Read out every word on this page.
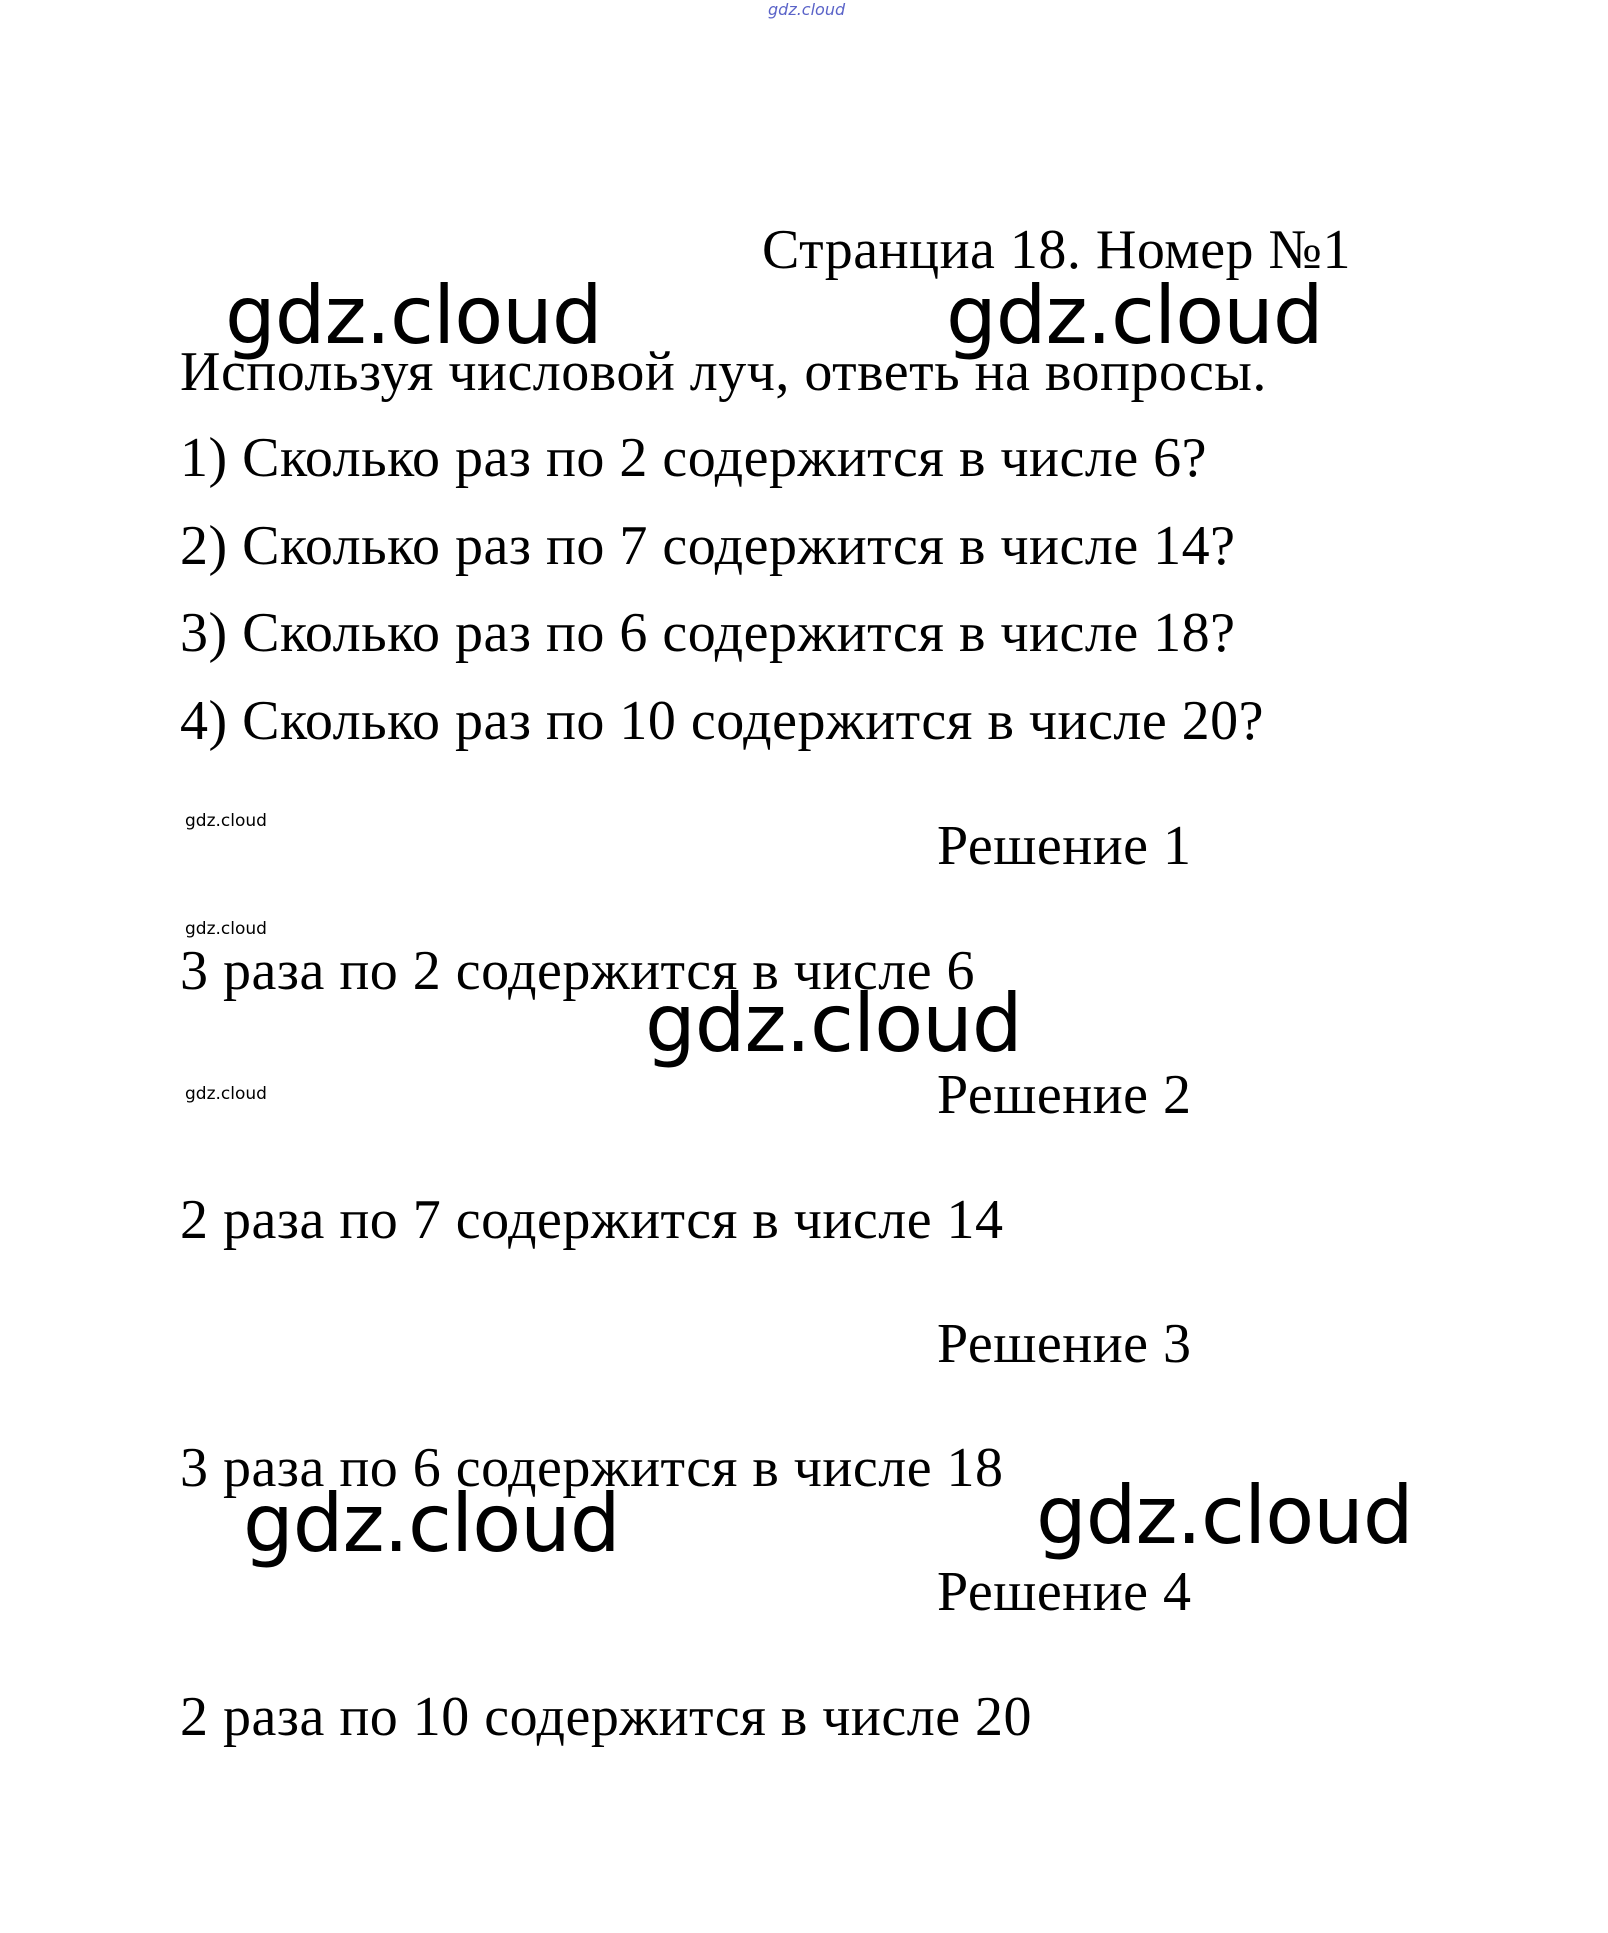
gdz.cloud

Странциа 18. Номер №1

Используя числовой луч, ответь на вопросы.

1) Сколько раз по 2 содержится в числе 6?

2) Сколько раз по 7 содержится в числе 14?

3) Сколько раз по 6 содержится в числе 18?

4) Сколько раз по 10 содержится в числе 20?

Решение 1

3 раза по 2 содержится в числе 6

Решение 2

2 раза по 7 содержится в числе 14

Решение 3

3 раза по 6 содержится в числе 18

Решение 4

2 раза по 10 содержится в числе 20

gdz.cloud	gdz.cloud
gdz.cloud
gdz.cloud	gdz.cloud
gdz.cloud
gdz.cloud
gdz.cloud
